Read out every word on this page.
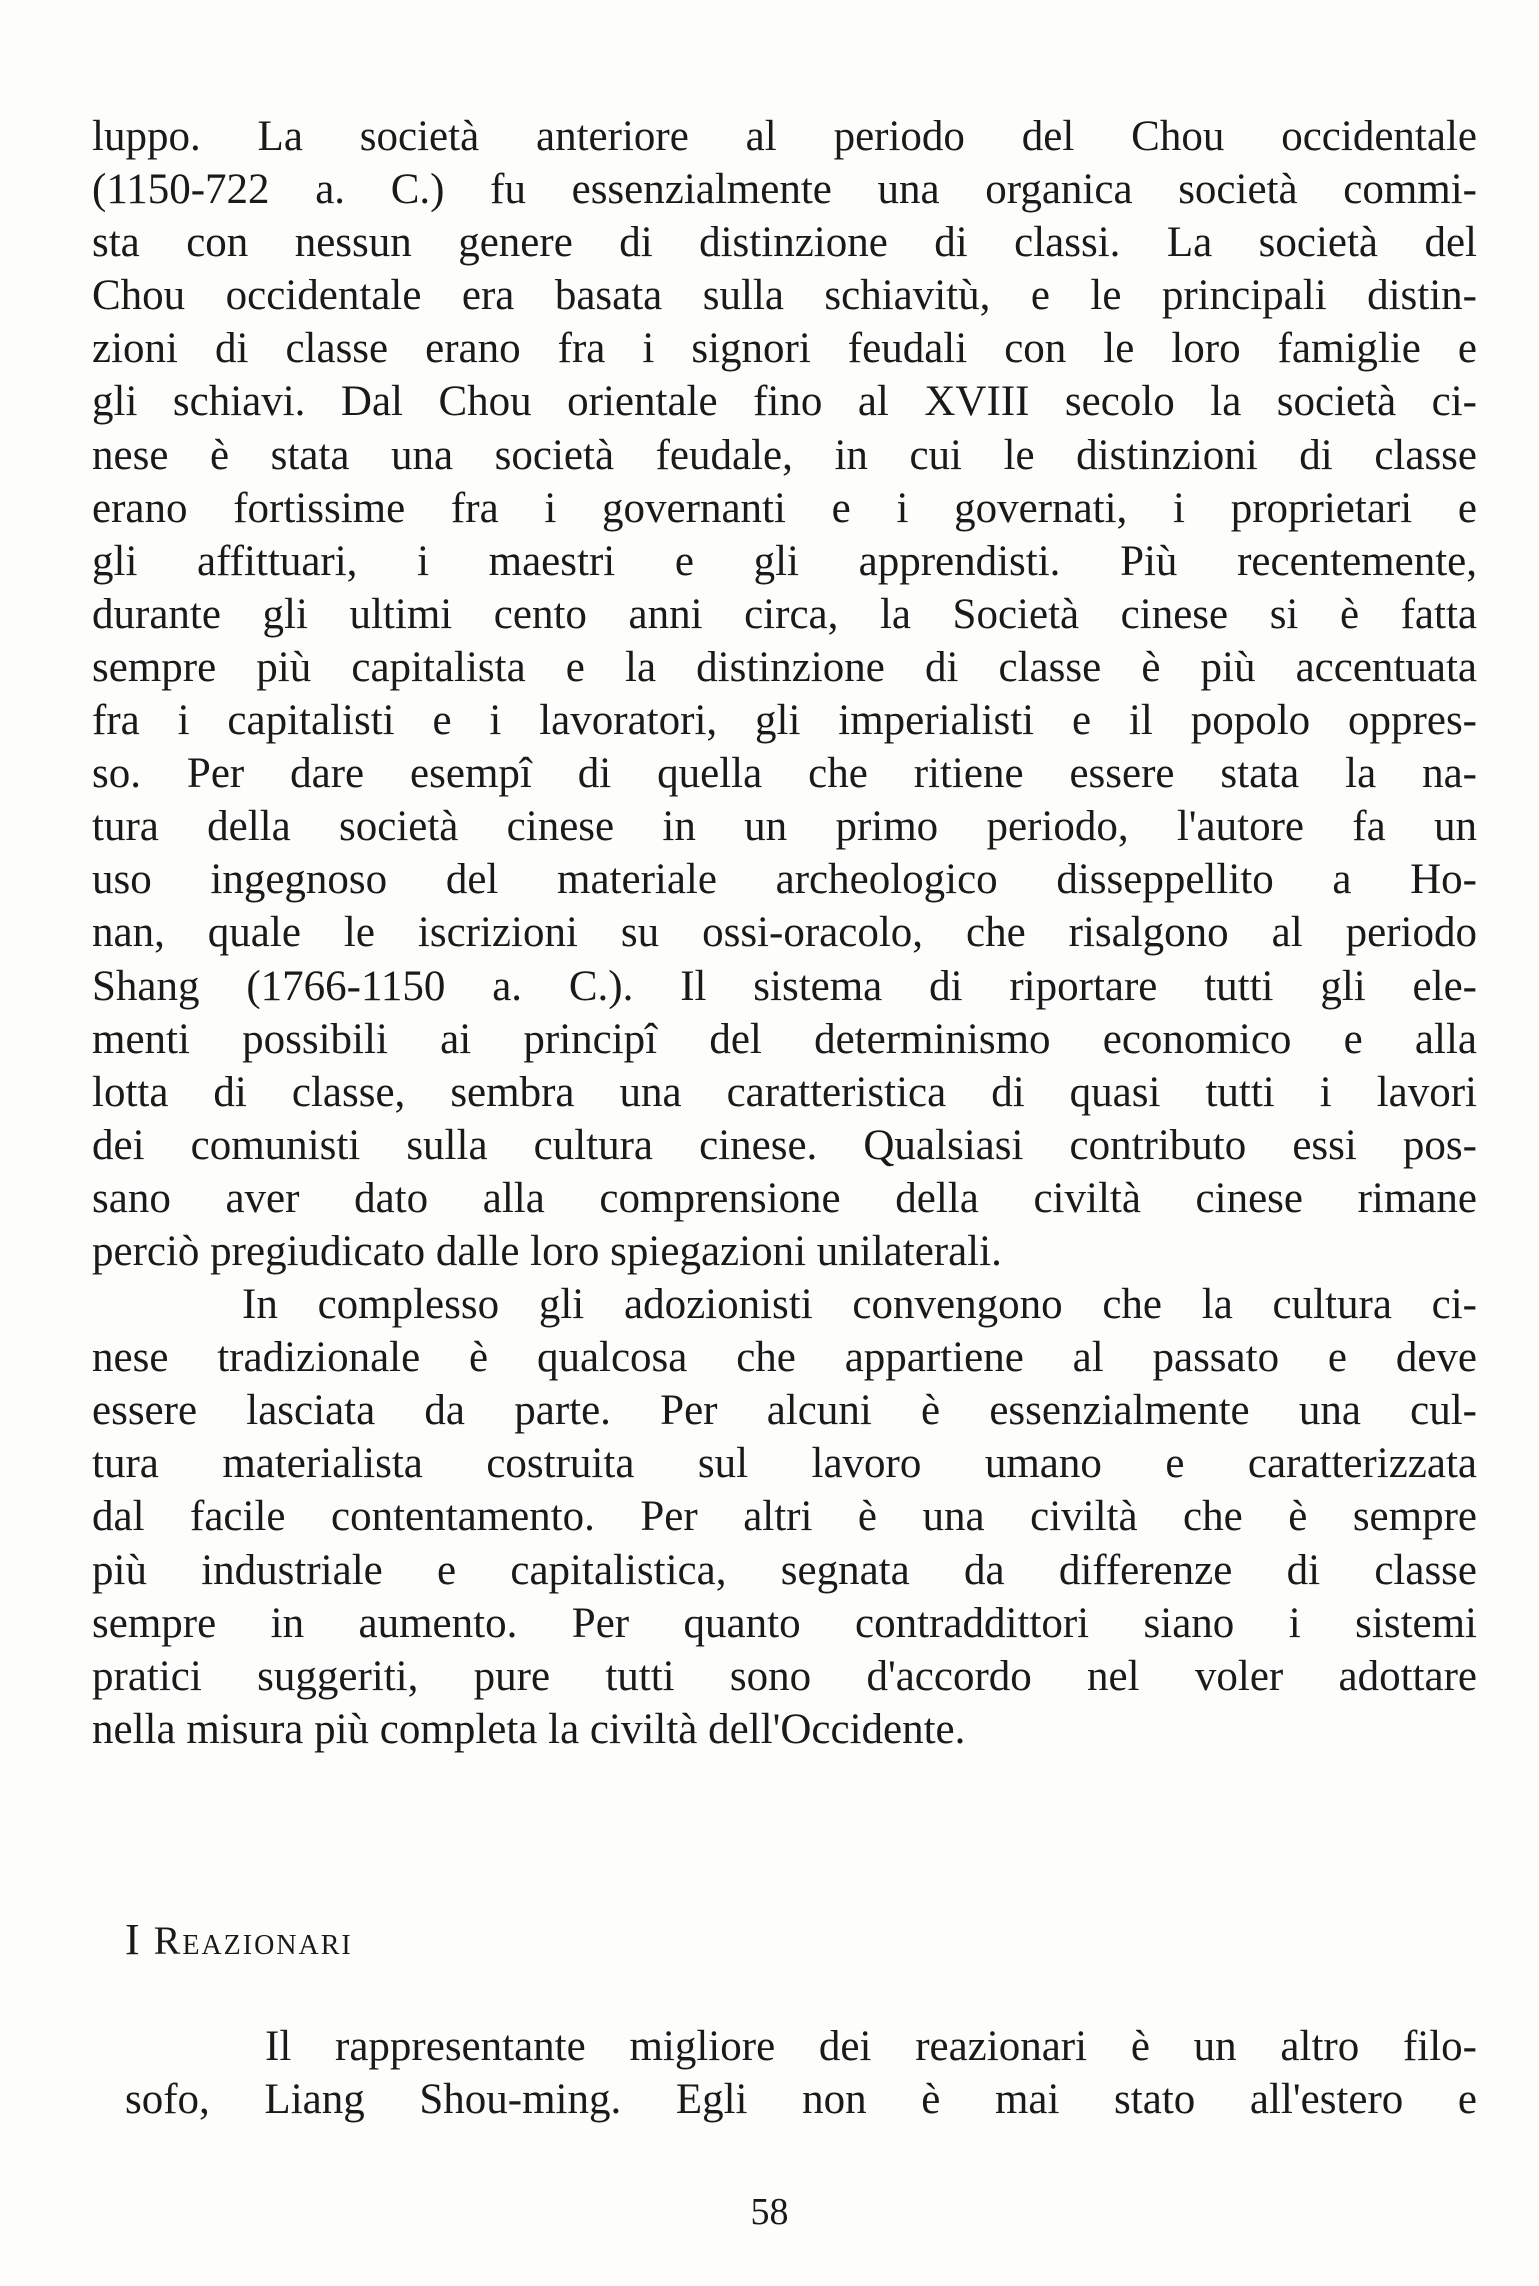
luppo. La società anteriore al periodo del Chou occidentale
(1150-722 a. C.) fu essenzialmente una organica società commi-
sta con nessun genere di distinzione di classi. La società del
Chou occidentale era basata sulla schiavitù, e le principali distin-
zioni di classe erano fra i signori feudali con le loro famiglie e
gli schiavi. Dal Chou orientale fino al XVIII secolo la società ci-
nese è stata una società feudale, in cui le distinzioni di classe
erano fortissime fra i governanti e i governati, i proprietari e
gli affittuari, i maestri e gli apprendisti. Più recentemente,
durante gli ultimi cento anni circa, la Società cinese si è fatta
sempre più capitalista e la distinzione di classe è più accentuata
fra i capitalisti e i lavoratori, gli imperialisti e il popolo oppres-
so. Per dare esempî di quella che ritiene essere stata la na-
tura della società cinese in un primo periodo, l'autore fa un
uso ingegnoso del materiale archeologico disseppellito a Ho-
nan, quale le iscrizioni su ossi-oracolo, che risalgono al periodo
Shang (1766-1150 a. C.). Il sistema di riportare tutti gli ele-
menti possibili ai principî del determinismo economico e alla
lotta di classe, sembra una caratteristica di quasi tutti i lavori
dei comunisti sulla cultura cinese. Qualsiasi contributo essi pos-
sano aver dato alla comprensione della civiltà cinese rimane
perciò pregiudicato dalle loro spiegazioni unilaterali.
In complesso gli adozionisti convengono che la cultura ci-
nese tradizionale è qualcosa che appartiene al passato e deve
essere lasciata da parte. Per alcuni è essenzialmente una cul-
tura materialista costruita sul lavoro umano e caratterizzata
dal facile contentamento. Per altri è una civiltà che è sempre
più industriale e capitalistica, segnata da differenze di classe
sempre in aumento. Per quanto contraddittori siano i sistemi
pratici suggeriti, pure tutti sono d'accordo nel voler adottare
nella misura più completa la civiltà dell'Occidente.
I Reazionari
Il rappresentante migliore dei reazionari è un altro filo-
sofo, Liang Shou-ming. Egli non è mai stato all'estero e
58
